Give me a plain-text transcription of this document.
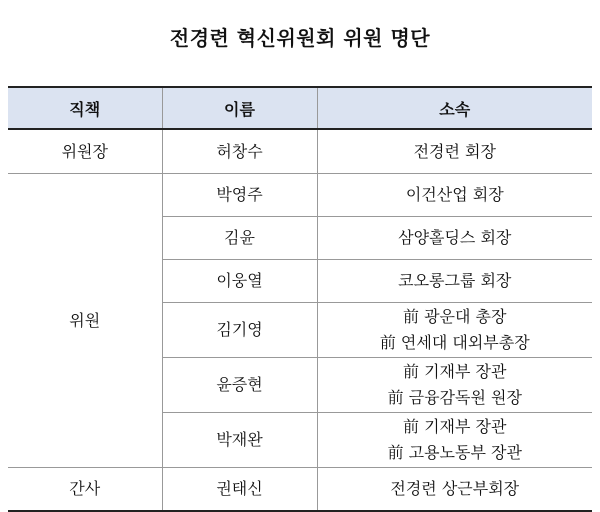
전경련 혁신위원회 위원 명단
직책	이름	소속
위원장	허창수	전경련 회장

위원	박영주	이건산업 회장

	김윤	삼양홀딩스 회장

	이웅열	코오롱그룹 회장

	김기영	前 광운대 총장
前 연세대 대외부총장

	윤증현	前 기재부 장관
前 금융감독원 원장

	박재완	前 기재부 장관
前 고용노동부 장관

간사	권태신	전경련 상근부회장
